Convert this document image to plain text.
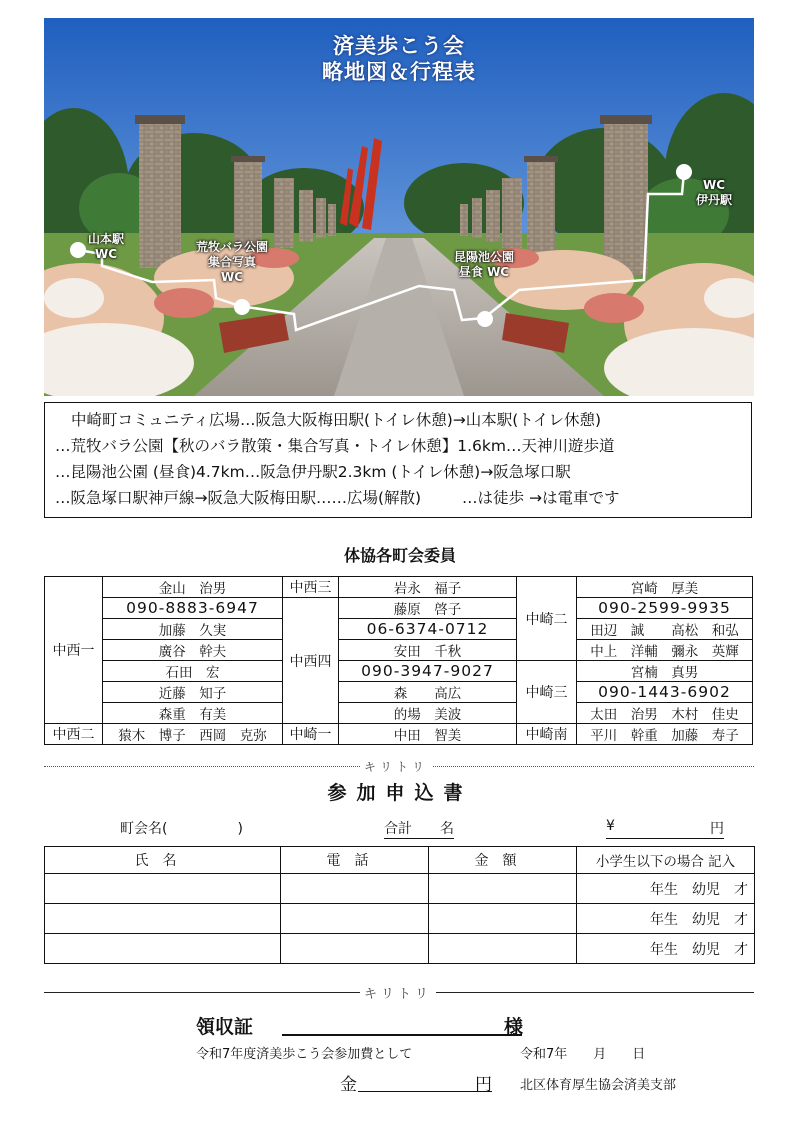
済美歩こう会
略地図＆行程表
山本駅
WC	荒牧バラ公園
集合写真
WC
昆陽池公園
昼食 WC
WC
伊丹駅
中崎町コミュニティ広場…阪急大阪梅田駅(トイレ休憩)→山本駅(トイレ休憩)
…荒牧バラ公園【秋のバラ散策・集合写真・トイレ休憩】1.6km…天神川遊歩道
…昆陽池公園 (昼食)4.7km…阪急伊丹駅2.3km (トイレ休憩)→阪急塚口駅
…阪急塚口駅神戸線→阪急大阪梅田駅……広場(解散)	…は徒歩 →は電車です
体協各町会委員
中西一	金山　治男	中西三	岩永　福子	中崎二	宮崎　厚美
	090-8883-6947	中西四	藤原　啓子		090-2599-9935
	加藤　久実		06-6374-0712		田辺　誠　　高松　和弘
	廣谷　幹夫		安田　千秋		中上　洋輔　彌永　英輝
	石田　宏		090-3947-9027	中崎三	宮楠　真男
	近藤　知子		森　　高広		090-1443-6902
	森重　有美		的場　美波		太田　治男　木村　佳史
中西二	猿木　博子　西岡　克弥	中崎一	中田　智美	中崎南	平川　幹重　加藤　寿子
キリトリ
参加申込書
町会名(　　　　　)	合計　　名	¥	円
氏名	電話	金額	小学生以下の場合 記入
			年生　幼児　才
			年生　幼児　才
			年生　幼児　才
キリトリ
領収証	様
令和7年度済美歩こう会参加費として	令和7年　　月　　日
金	円 北区体育厚生協会済美支部
